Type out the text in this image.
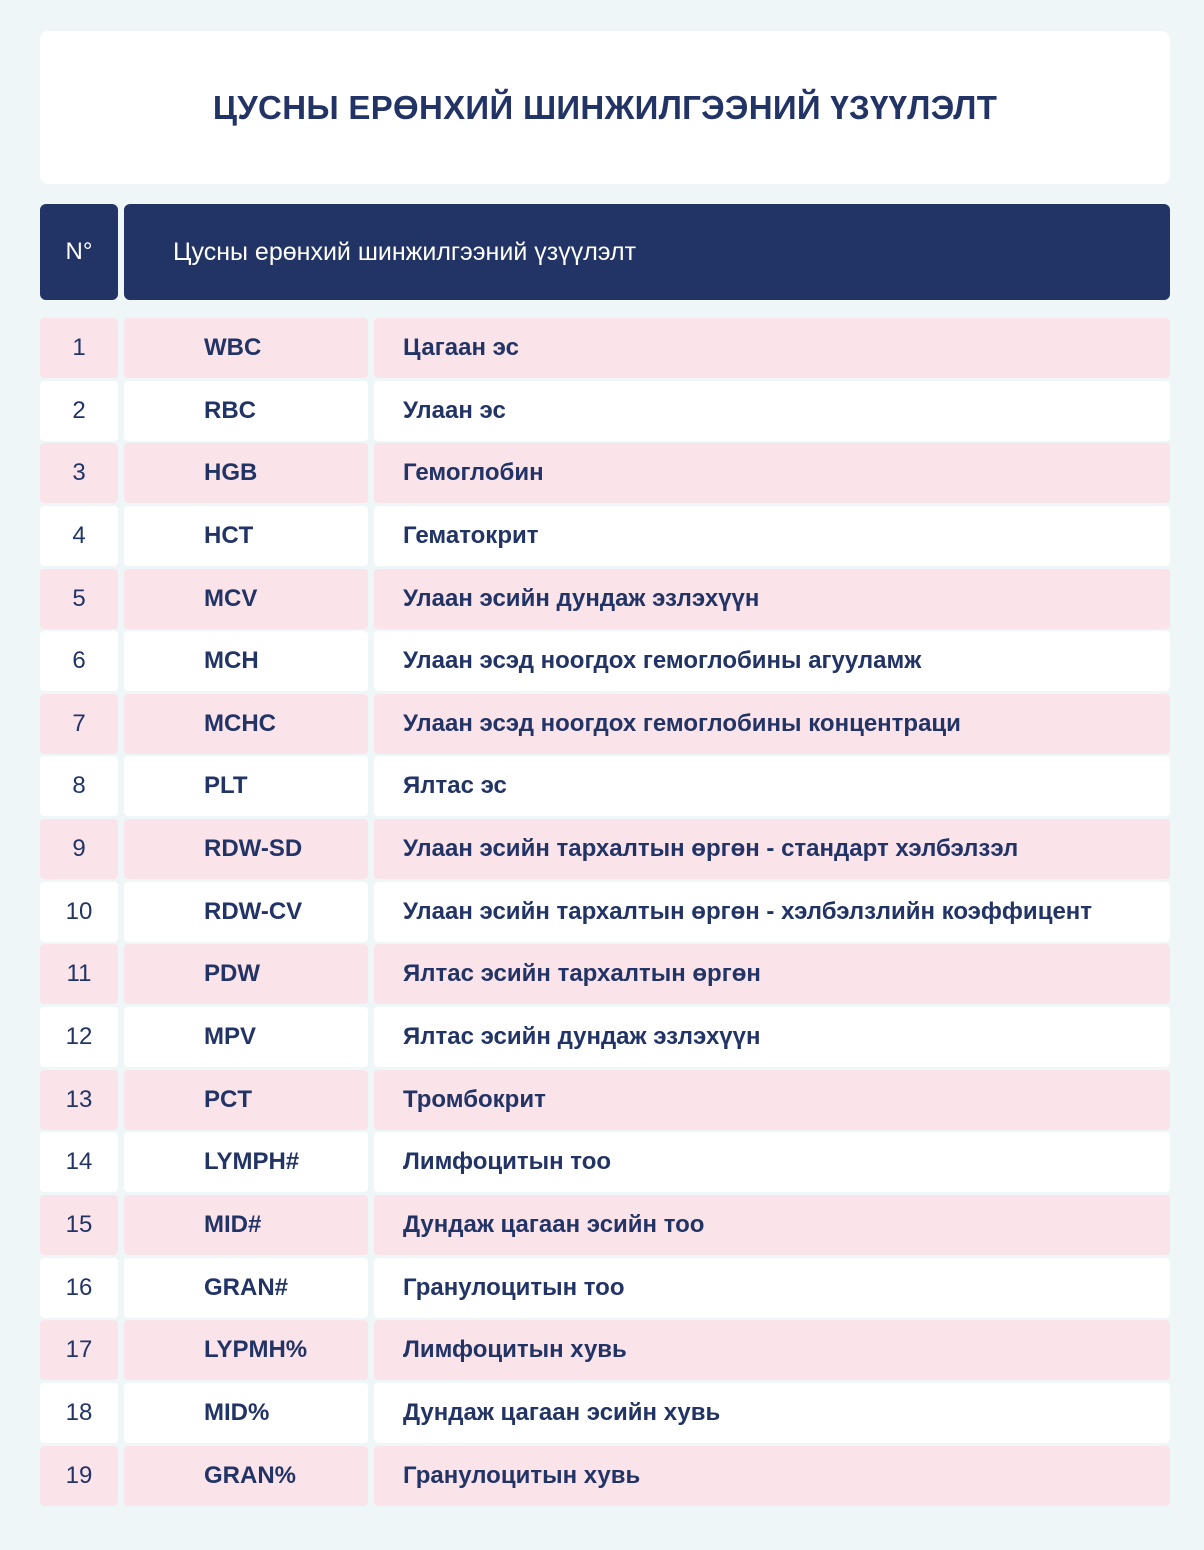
ЦУСНЫ ЕРӨНХИЙ ШИНЖИЛГЭЭНИЙ ҮЗҮҮЛЭЛТ
N°	Цусны ерөнхий шинжилгээний үзүүлэлт
1	WBC	Цагаан эс
2	RBC	Улаан эс
3	HGB	Гемоглобин
4	HCT	Гематокрит
5	MCV	Улаан эсийн дундаж эзлэхүүн
6	MCH	Улаан эсэд ноогдох гемоглобины агууламж
7	MCHC	Улаан эсэд ноогдох гемоглобины концентраци
8	PLT	Ялтас эс
9	RDW-SD	Улаан эсийн тархалтын өргөн - стандарт хэлбэлзэл
10	RDW-CV	Улаан эсийн тархалтын өргөн - хэлбэлзлийн коэффицент
11	PDW	Ялтас эсийн тархалтын өргөн
12	MPV	Ялтас эсийн дундаж эзлэхүүн
13	PCT	Тромбокрит
14	LYMPH#	Лимфоцитын тоо
15	MID#	Дундаж цагаан эсийн тоо
16	GRAN#	Гранулоцитын тоо
17	LYPMH%	Лимфоцитын хувь
18	MID%	Дундаж цагаан эсийн хувь
19	GRAN%	Гранулоцитын хувь
